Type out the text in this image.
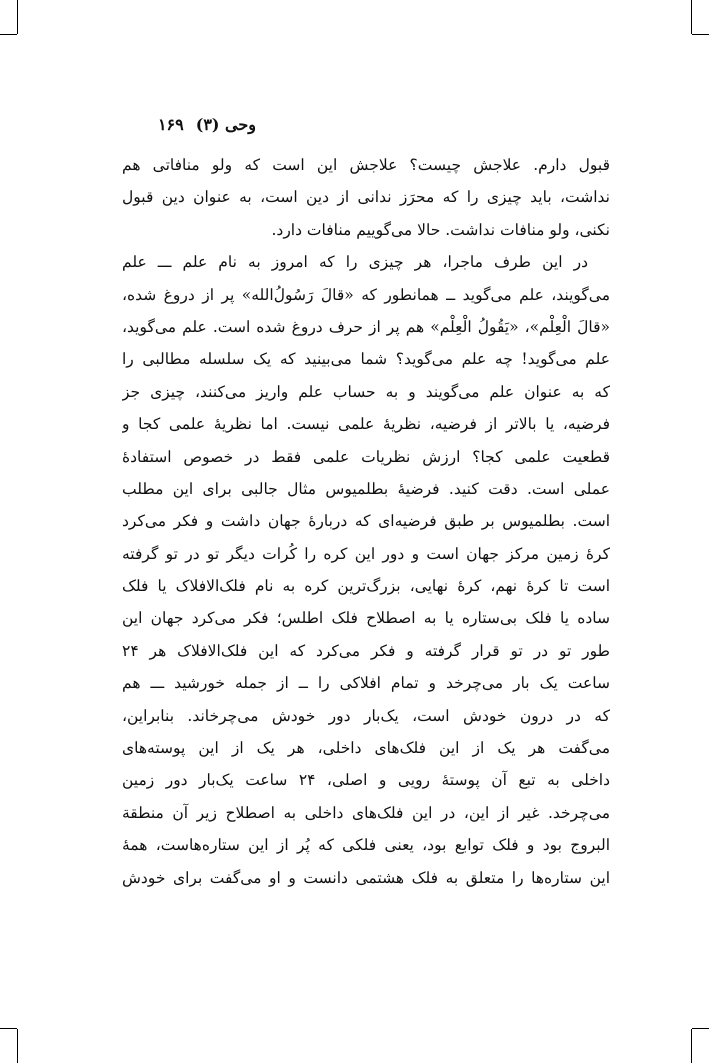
وحی (۳)
۱۶۹
قبول دارم. علاجش چیست؟ علاجش این است که ولو منافاتی هم
نداشت، باید چیزی را که محرَز ندانی از دین است، به عنوان دین قبول
نکنی، ولو منافات نداشت. حالا می‌گوییم منافات دارد.
در این طرف ماجرا، هر چیزی را که امروز به نام علم ـــ علم
می‌گویند، علم می‌گوید ــ همانطور که «قالَ رَسُولُ‌الله» پر از دروغ شده،
«قالَ الْعِلْم»، «یَقُولُ الْعِلْم» هم پر از حرف دروغ شده است. علم می‌گوید،
علم می‌گوید! چه علم می‌گوید؟ شما می‌بینید که یک سلسله مطالبی را
که به عنوان علم می‌گویند و به حساب علم واریز می‌کنند، چیزی جز
فرضیه، یا بالاتر از فرضیه، نظریهٔ علمی نیست. اما نظریهٔ علمی کجا و
قطعیت علمی کجا؟ ارزش نظریات علمی فقط در خصوص استفادهٔ
عملی است. دقت کنید. فرضیهٔ بطلمیوس مثال جالبی برای این مطلب
است. بطلمیوس بر طبق فرضیه‌ای که دربارهٔ جهان داشت و فکر می‌کرد
کرهٔ زمین مرکز جهان است و دور این کره را کُرات دیگر تو در تو گرفته
است تا کرهٔ نهم، کرهٔ نهایی، بزرگ‌ترین کره به نام فلک‌الافلاک یا فلک
ساده یا فلک بی‌ستاره یا به اصطلاح فلک اطلس؛ فکر می‌کرد جهان این
طور تو در تو قرار گرفته و فکر می‌کرد که این فلک‌الافلاک هر ۲۴
ساعت یک بار می‌چرخد و تمام افلاکی را ــ از جمله خورشید ـــ هم
که در درون خودش است، یک‌بار دور خودش می‌چرخاند. بنابراین،
می‌گفت هر یک از این فلک‌های داخلی، هر یک از این پوسته‌های
داخلی به تبع آن پوستهٔ رویی و اصلی، ۲۴ ساعت یک‌بار دور زمین
می‌چرخد. غیر از این، در این فلک‌های داخلی به اصطلاح زیر آن منطقة
البروج بود و فلک توابع بود، یعنی فلکی که پُر از این ستاره‌هاست، همهٔ
این ستاره‌ها را متعلق به فلک هشتمی دانست و او می‌گفت برای خودش
